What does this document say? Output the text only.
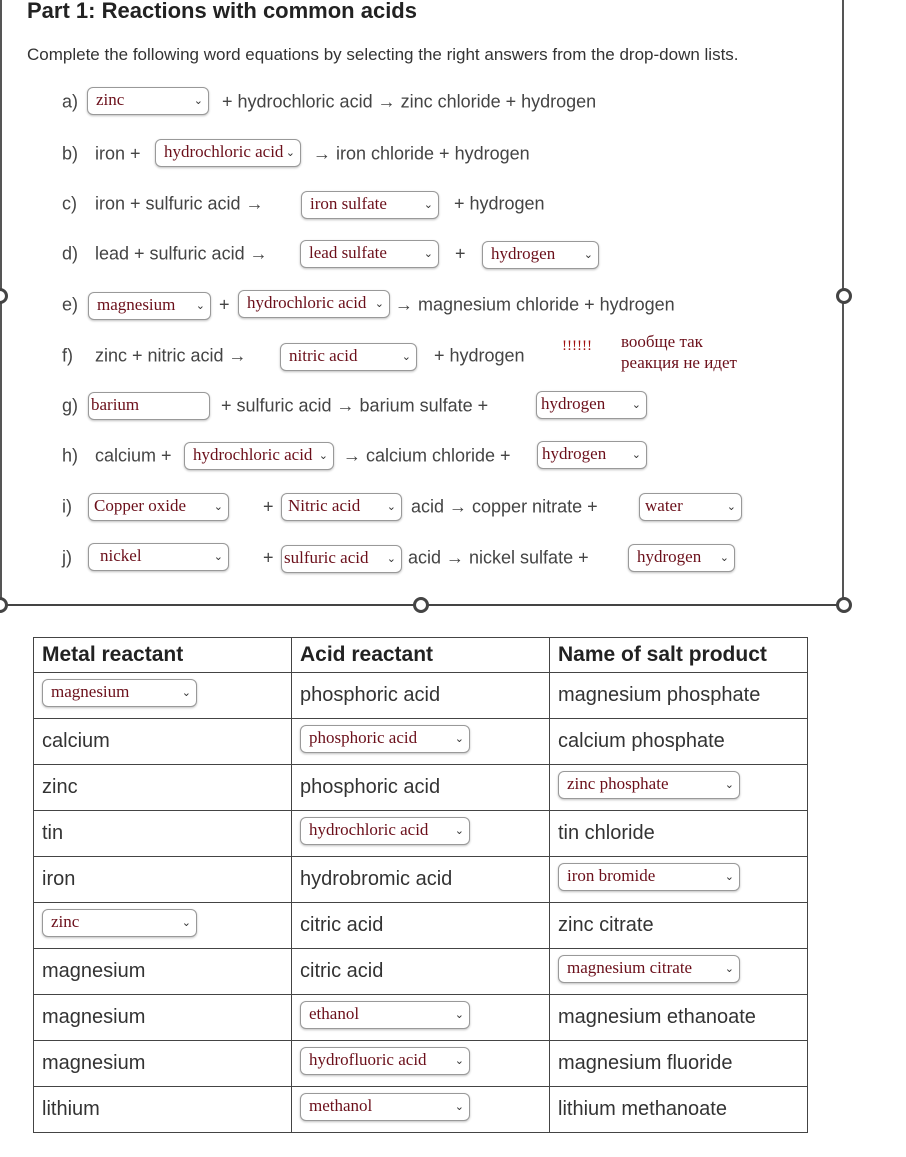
Part 1: Reactions with common acids
Complete the following word equations by selecting the right answers from the drop-down lists.
a)	zinc	⌄ + hydrochloric acid → zinc chloride + hydrogen
b) iron +	hydrochloric acid ⌄ → iron chloride + hydrogen
c) iron + sulfuric acid →	iron sulfate	⌄ + hydrogen
d) lead + sulfuric acid →	lead sulfate	⌄ +	hydrogen	⌄
e)	magnesium ⌄ +	hydrochloric acid ⌄ → magnesium chloride + hydrogen
f) zinc + nitric acid →	nitric acid	⌄ + hydrogen !!!!!! вообще так
реакция не идет
g) barium	+ sulfuric acid → barium sulfate +	hydrogen ⌄
h) calcium +	hydrochloric acid ⌄ → calcium chloride + hydrogen ⌄
i)	Copper oxide	⌄ + Nitric acid ⌄ acid → copper nitrate +	water	⌄
j)	nickel	⌄ + sulfuric acid ⌄ acid → nickel sulfate +	hydrogen ⌄
Metal reactant	Acid reactant	Name of salt product
magnesium ⌄	phosphoric acid	magnesium phosphate
calcium	phosphoric acid ⌄	calcium phosphate
zinc	phosphoric acid	zinc phosphate ⌄

tin	hydrochloric acid ⌄	tin chloride
iron	hydrobromic acid	iron bromide ⌄

zinc ⌄	citric acid	zinc citrate
magnesium	citric acid	magnesium citrate ⌄

magnesium	ethanol ⌄	magnesium ethanoate
magnesium	hydrofluoric acid ⌄	magnesium fluoride
lithium	methanol ⌄	lithium methanoate
